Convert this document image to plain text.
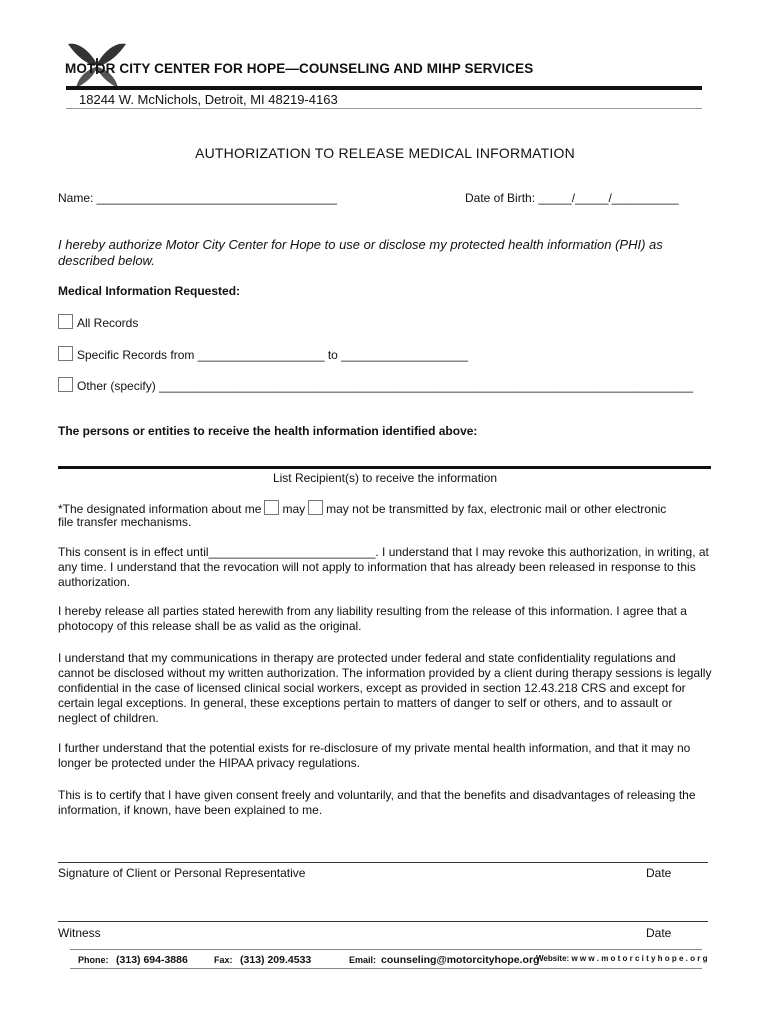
MOTOR CITY CENTER FOR HOPE—COUNSELING AND MIHP SERVICES
18244 W. McNichols, Detroit, MI 48219-4163
AUTHORIZATION TO RELEASE MEDICAL INFORMATION
Name: ____________________________________	Date of Birth: _____/_____/__________
I hereby authorize Motor City Center for Hope to use or disclose my protected health information (PHI) as described below.
Medical Information Requested:
All Records
Specific Records from ___________________ to ___________________
Other (specify) ________________________________________________________________________________
The persons or entities to receive the health information identified above:
List Recipient(s) to receive the information
*The designated information about me may may not be transmitted by fax, electronic mail or other electronic
file transfer mechanisms.
This consent is in effect until_________________________. I understand that I may revoke this authorization, in writing, at any time. I understand that the revocation will not apply to information that has already been released in response to this authorization.
I hereby release all parties stated herewith from any liability resulting from the release of this information. I agree that a photocopy of this release shall be as valid as the original.
I understand that my communications in therapy are protected under federal and state confidentiality regulations and cannot be disclosed without my written authorization. The information provided by a client during therapy sessions is legally confidential in the case of licensed clinical social workers, except as provided in section 12.43.218 CRS and except for certain legal exceptions. In general, these exceptions pertain to matters of danger to self or others, and to assault or neglect of children.
I further understand that the potential exists for re-disclosure of my private mental health information, and that it may no longer be protected under the HIPAA privacy regulations.
This is to certify that I have given consent freely and voluntarily, and that the benefits and disadvantages of releasing the information, if known, have been explained to me.
Signature of Client or Personal Representative	Date
Witness	Date
Phone: (313) 694-3886	Fax: (313) 209.4533	Email: counseling@motorcityhope.org
Website: w w w . m o t o r c i t y h o p e . o r g
